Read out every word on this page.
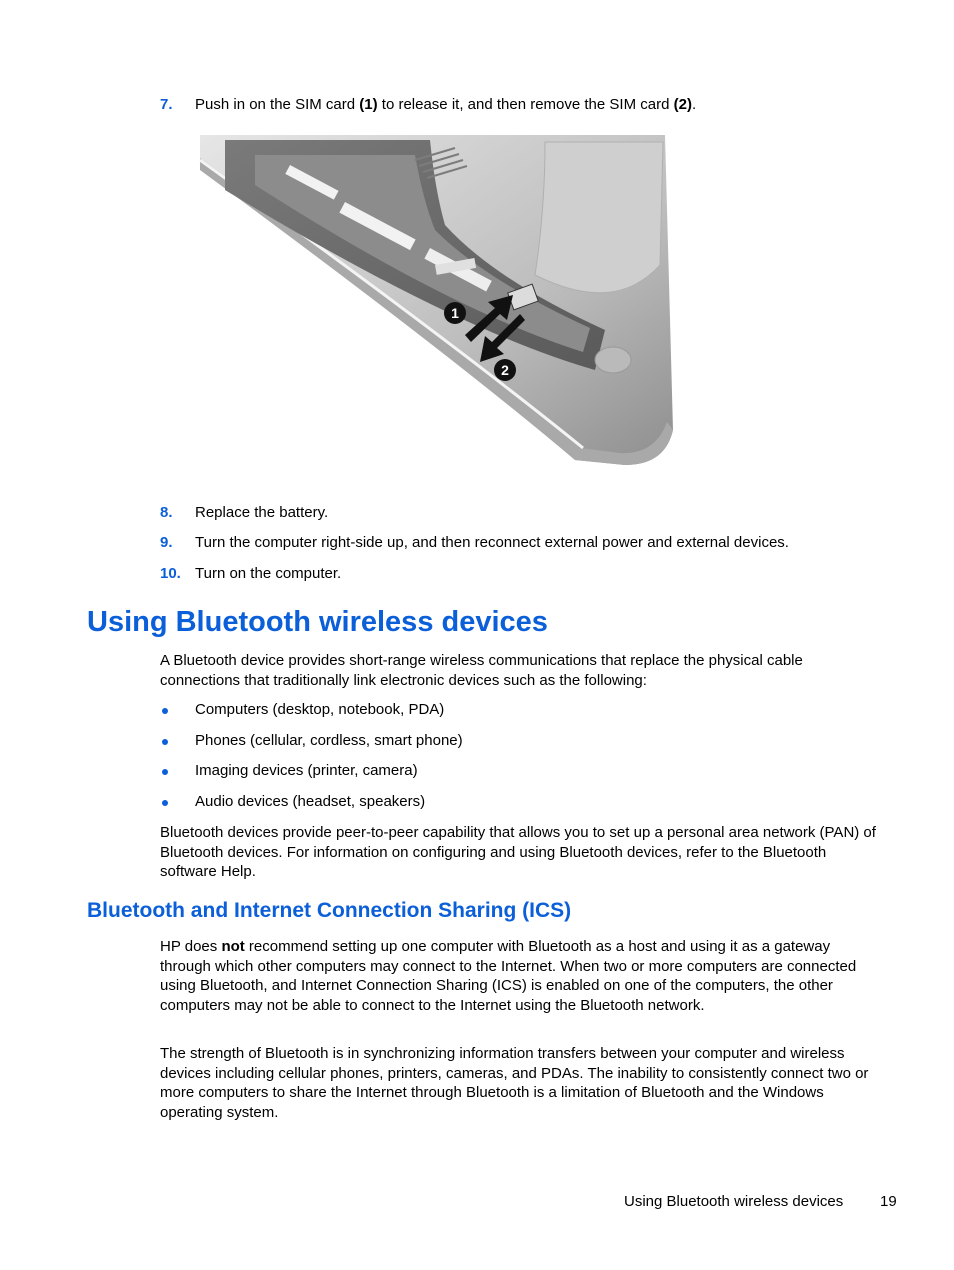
7. Push in on the SIM card (1) to release it, and then remove the SIM card (2).
1
2
8. Replace the battery.
9. Turn the computer right-side up, and then reconnect external power and external devices.
10. Turn on the computer.
Using Bluetooth wireless devices

A Bluetooth device provides short-range wireless communications that replace the physical cable connections that traditionally link electronic devices such as the following:

Computers (desktop, notebook, PDA)
Phones (cellular, cordless, smart phone)
Imaging devices (printer, camera)
Audio devices (headset, speakers)

Bluetooth devices provide peer-to-peer capability that allows you to set up a personal area network (PAN) of Bluetooth devices. For information on configuring and using Bluetooth devices, refer to the Bluetooth software Help.

Bluetooth and Internet Connection Sharing (ICS)

HP does not recommend setting up one computer with Bluetooth as a host and using it as a gateway through which other computers may connect to the Internet. When two or more computers are connected using Bluetooth, and Internet Connection Sharing (ICS) is enabled on one of the computers, the other computers may not be able to connect to the Internet using the Bluetooth network.

The strength of Bluetooth is in synchronizing information transfers between your computer and wireless devices including cellular phones, printers, cameras, and PDAs. The inability to consistently connect two or more computers to share the Internet through Bluetooth is a limitation of Bluetooth and the Windows operating system.

Using Bluetooth wireless devices 19
